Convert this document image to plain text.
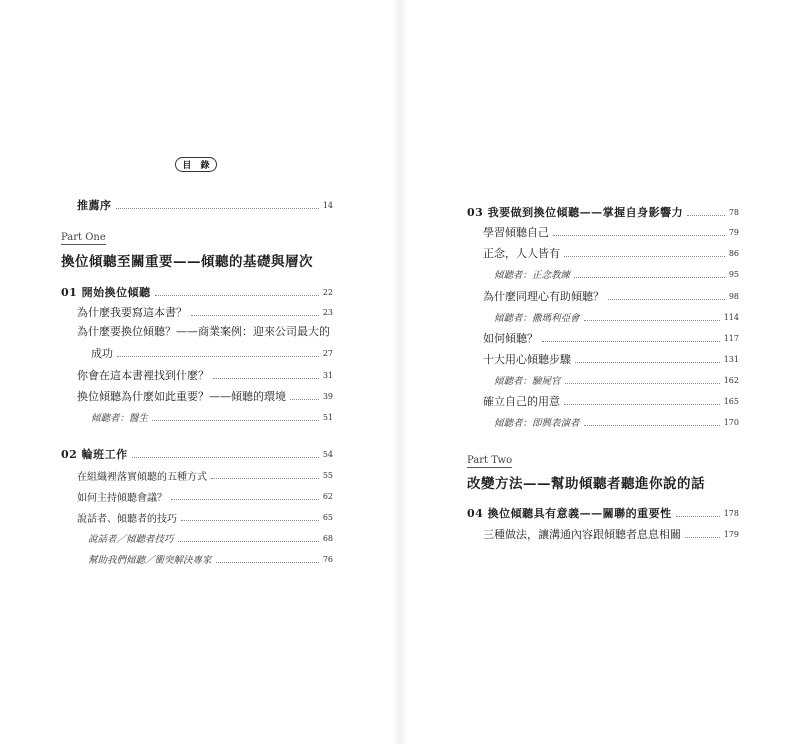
目 錄
推薦序	14
Part One
換位傾聽至關重要——傾聽的基礎與層次
01 開始換位傾聽	22
為什麼我要寫這本書？	23
為什麼要換位傾聽？——商業案例：迎來公司最大的
成功	27
你會在這本書裡找到什麼？	31
換位傾聽為什麼如此重要？——傾聽的環境	39
傾聽者：醫生	51
02 輪班工作	54
在組織裡落實傾聽的五種方式	55
如何主持傾聽會議？	62
說話者、傾聽者的技巧	65
說話者／傾聽者技巧	68
幫助我們傾聽／衝突解決專家	76
03 我要做到換位傾聽——掌握自身影響力	78
學習傾聽自己	79
正念，人人皆有	86
傾聽者：正念教練	95
為什麼同理心有助傾聽？	98
傾聽者：撒瑪利亞會	114
如何傾聽？	117
十大用心傾聽步驟	131
傾聽者：驗屍官	162
確立自己的用意	165
傾聽者：即興表演者	170
Part Two
改變方法——幫助傾聽者聽進你說的話
04 換位傾聽具有意義——關聯的重要性	178
三種做法，讓溝通內容跟傾聽者息息相關	179
